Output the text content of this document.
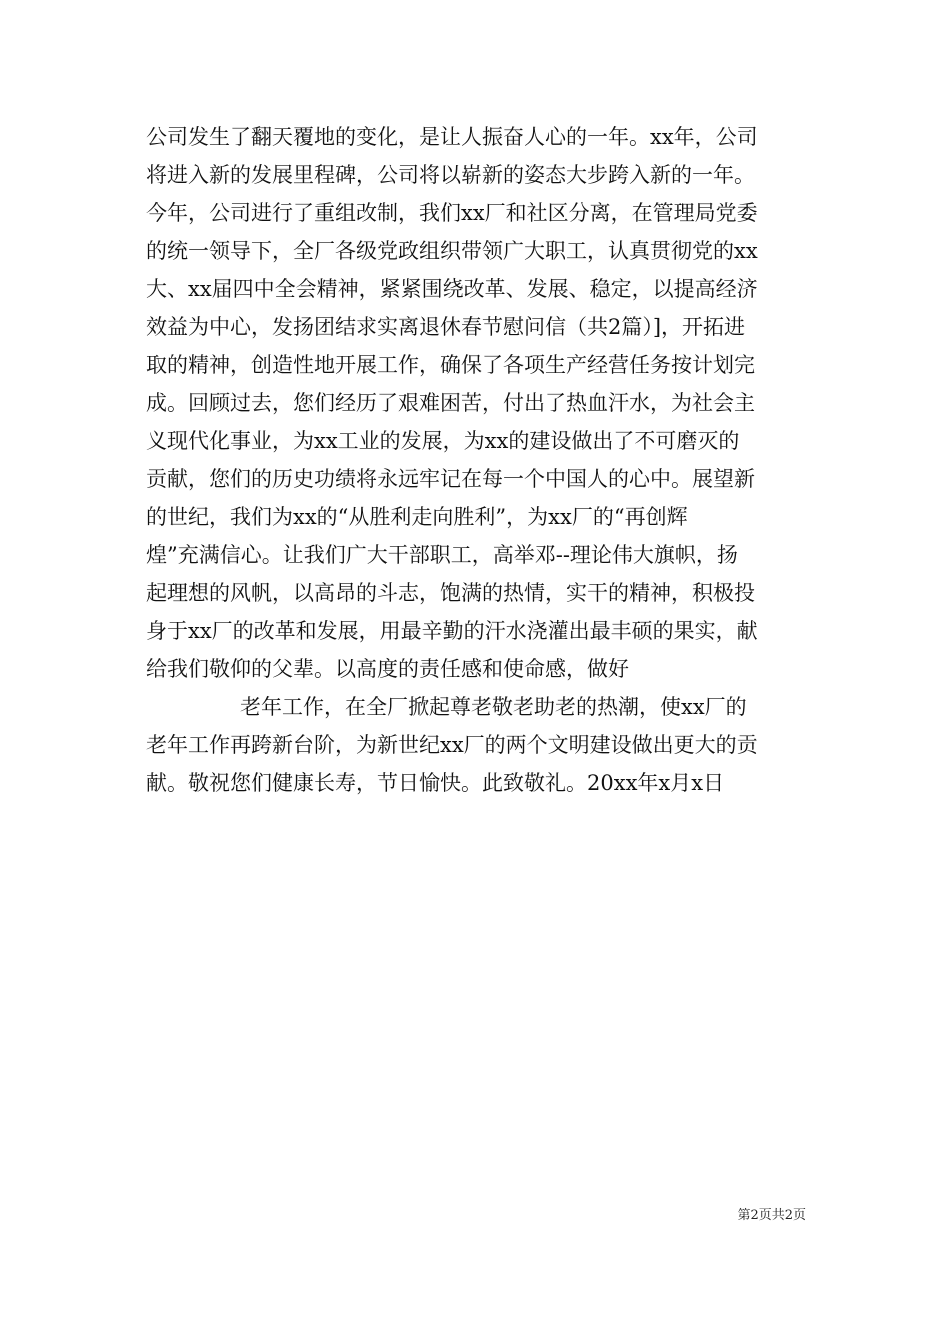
公司发生了翻天覆地的变化，是让人振奋人心的一年。xx年，公司
将进入新的发展里程碑，公司将以崭新的姿态大步跨入新的一年。
今年，公司进行了重组改制，我们xx厂和社区分离，在管理局党委
的统一领导下，全厂各级党政组织带领广大职工，认真贯彻党的xx
大、xx届四中全会精神，紧紧围绕改革、发展、稳定，以提高经济
效益为中心，发扬团结求实离退休春节慰问信（共2篇）]，开拓进
取的精神，创造性地开展工作，确保了各项生产经营任务按计划完
成。回顾过去，您们经历了艰难困苦，付出了热血汗水，为社会主
义现代化事业，为xx工业的发展，为xx的建设做出了不可磨灭的
贡献，您们的历史功绩将永远牢记在每一个中国人的心中。展望新
的世纪，我们为xx的“从胜利走向胜利”，为xx厂的“再创辉
煌”充满信心。让我们广大干部职工，高举邓--理论伟大旗帜，扬
起理想的风帆，以高昂的斗志，饱满的热情，实干的精神，积极投
身于xx厂的改革和发展，用最辛勤的汗水浇灌出最丰硕的果实，献
给我们敬仰的父辈。以高度的责任感和使命感，做好
老年工作，在全厂掀起尊老敬老助老的热潮，使xx厂的
老年工作再跨新台阶，为新世纪xx厂的两个文明建设做出更大的贡
献。敬祝您们健康长寿，节日愉快。此致敬礼。20xx年x月x日
第2页共2页
